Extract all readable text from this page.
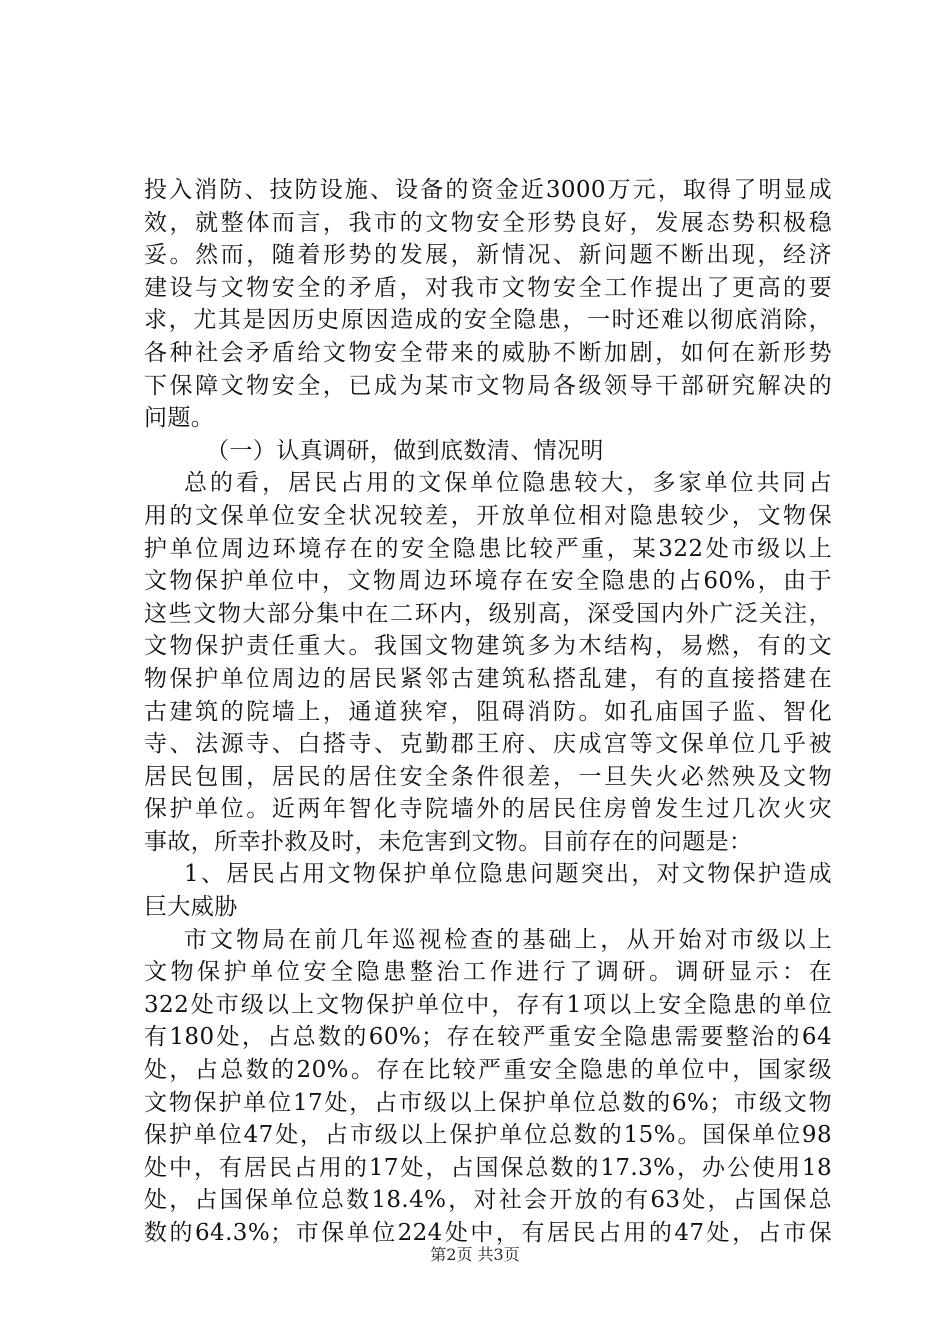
投入消防、技防设施、设备的资金近3000万元，取得了明显成
效，就整体而言，我市的文物安全形势良好，发展态势积极稳
妥。然而，随着形势的发展，新情况、新问题不断出现，经济
建设与文物安全的矛盾，对我市文物安全工作提出了更高的要
求，尤其是因历史原因造成的安全隐患，一时还难以彻底消除，
各种社会矛盾给文物安全带来的威胁不断加剧，如何在新形势
下保障文物安全，已成为某市文物局各级领导干部研究解决的
问题。
（一）认真调研，做到底数清、情况明
总的看，居民占用的文保单位隐患较大，多家单位共同占
用的文保单位安全状况较差，开放单位相对隐患较少，文物保
护单位周边环境存在的安全隐患比较严重，某322处市级以上
文物保护单位中，文物周边环境存在安全隐患的占60%，由于
这些文物大部分集中在二环内，级别高，深受国内外广泛关注，
文物保护责任重大。我国文物建筑多为木结构，易燃，有的文
物保护单位周边的居民紧邻古建筑私搭乱建，有的直接搭建在
古建筑的院墙上，通道狭窄，阻碍消防。如孔庙国子监、智化
寺、法源寺、白搭寺、克勤郡王府、庆成宫等文保单位几乎被
居民包围，居民的居住安全条件很差，一旦失火必然殃及文物
保护单位。近两年智化寺院墙外的居民住房曾发生过几次火灾
事故，所幸扑救及时，未危害到文物。目前存在的问题是：
1、居民占用文物保护单位隐患问题突出，对文物保护造成
巨大威胁
市文物局在前几年巡视检查的基础上，从开始对市级以上
文物保护单位安全隐患整治工作进行了调研。调研显示：在
322处市级以上文物保护单位中，存有1项以上安全隐患的单位
有180处，占总数的60%；存在较严重安全隐患需要整治的64
处，占总数的20%。存在比较严重安全隐患的单位中，国家级
文物保护单位17处，占市级以上保护单位总数的6%；市级文物
保护单位47处，占市级以上保护单位总数的15%。国保单位98
处中，有居民占用的17处，占国保总数的17.3%，办公使用18
处，占国保单位总数18.4%，对社会开放的有63处，占国保总
数的64.3%；市保单位224处中，有居民占用的47处，占市保
第2页 共3页
